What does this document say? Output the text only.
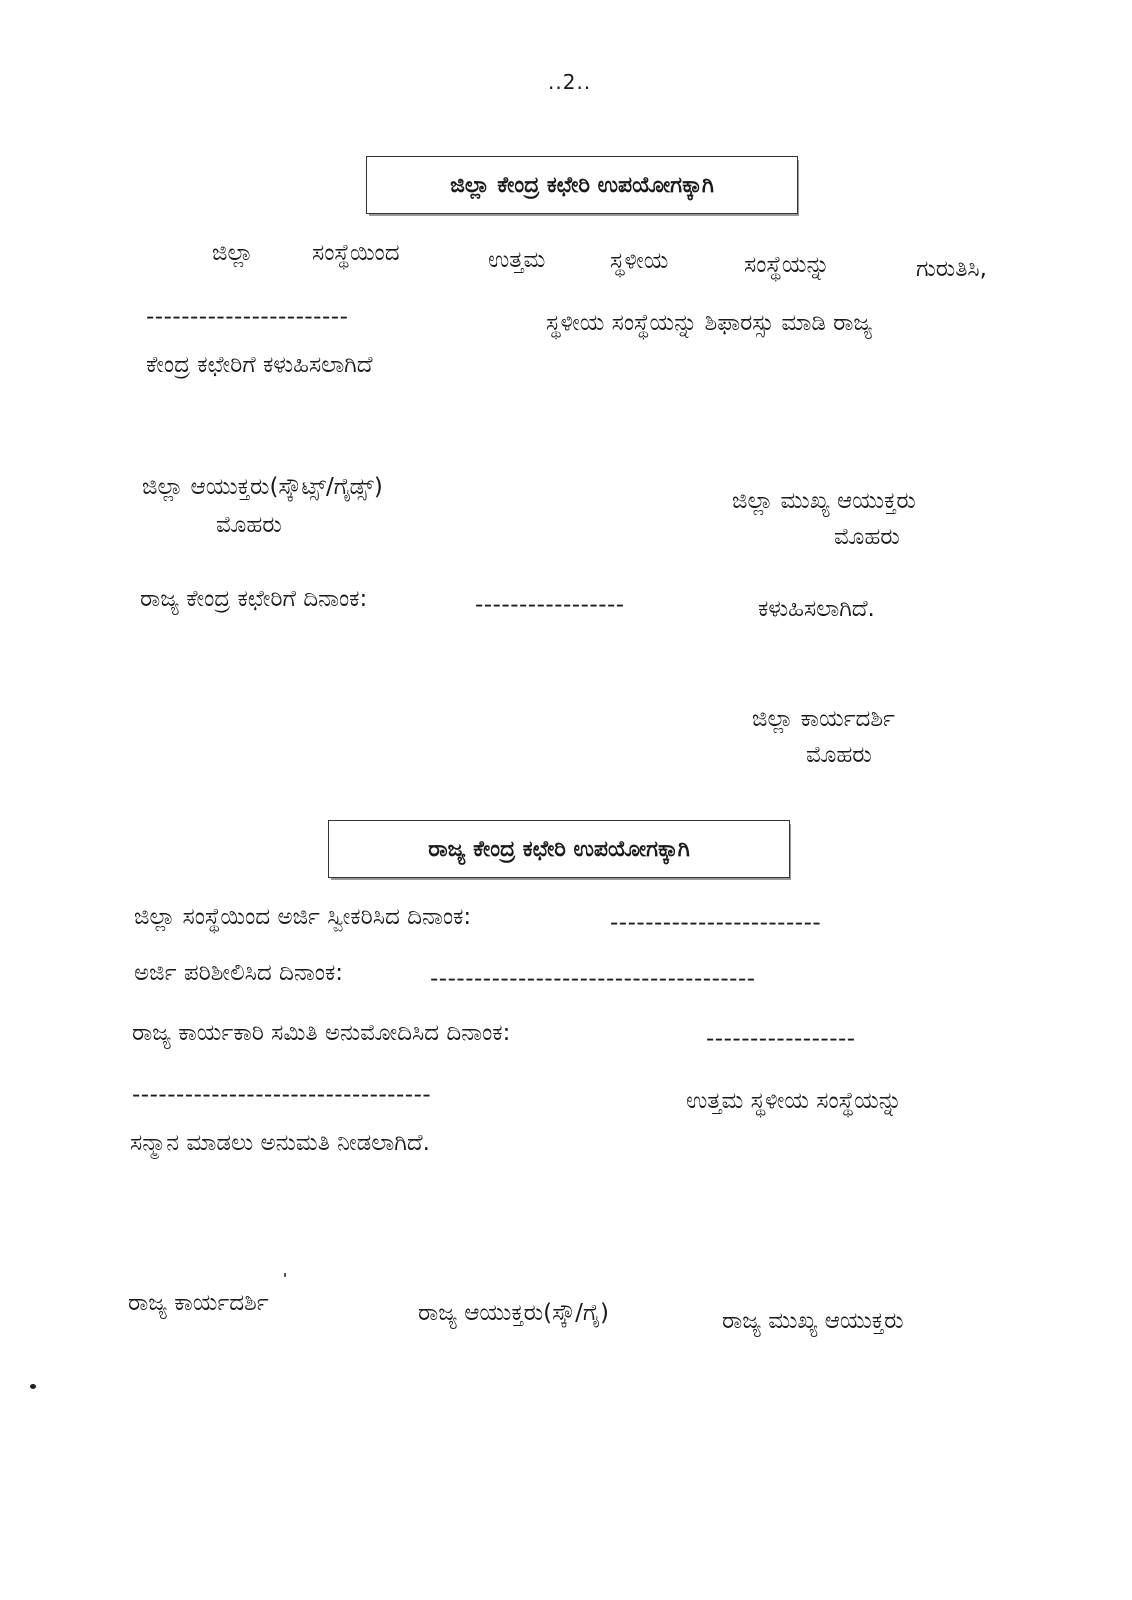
..2..
ಜಿಲ್ಲಾ ಕೇಂದ್ರ ಕಛೇರಿ ಉಪಯೋಗಕ್ಕಾಗಿ
ಜಿಲ್ಲಾ	ಸಂಸ್ಥೆಯಿಂದ	ಉತ್ತಮ	ಸ್ಥಳೀಯ	ಸಂಸ್ಥೆಯನ್ನು	ಗುರುತಿಸಿ,
-----------------------	ಸ್ಥಳೀಯ ಸಂಸ್ಥೆಯನ್ನು ಶಿಫಾರಸ್ಸು ಮಾಡಿ ರಾಜ್ಯ
ಕೇಂದ್ರ ಕಛೇರಿಗೆ ಕಳುಹಿಸಲಾಗಿದೆ
ಜಿಲ್ಲಾ ಆಯುಕ್ತರು(ಸ್ಕೌಟ್ಸ್/ಗೈಡ್ಸ್)
ಮೊಹರು
ಜಿಲ್ಲಾ ಮುಖ್ಯ ಆಯುಕ್ತರು
ಮೊಹರು
ರಾಜ್ಯ ಕೇಂದ್ರ ಕಛೇರಿಗೆ ದಿನಾಂಕ:	-----------------	ಕಳುಹಿಸಲಾಗಿದೆ.
ಜಿಲ್ಲಾ ಕಾರ್ಯದರ್ಶಿ
ಮೊಹರು
ರಾಜ್ಯ ಕೇಂದ್ರ ಕಛೇರಿ ಉಪಯೋಗಕ್ಕಾಗಿ
ಜಿಲ್ಲಾ ಸಂಸ್ಥೆಯಿಂದ ಅರ್ಜಿ ಸ್ವೀಕರಿಸಿದ ದಿನಾಂಕ:	------------------------
ಅರ್ಜಿ ಪರಿಶೀಲಿಸಿದ ದಿನಾಂಕ:	-------------------------------------
ರಾಜ್ಯ ಕಾರ್ಯಕಾರಿ ಸಮಿತಿ ಅನುಮೋದಿಸಿದ ದಿನಾಂಕ:	-----------------
----------------------------------	ಉತ್ತಮ ಸ್ಥಳೀಯ ಸಂಸ್ಥೆಯನ್ನು
ಸನ್ಮಾನ ಮಾಡಲು ಅನುಮತಿ ನೀಡಲಾಗಿದೆ.
ರಾಜ್ಯ ಕಾರ್ಯದರ್ಶಿ	ರಾಜ್ಯ ಆಯುಕ್ತರು(ಸ್ಕೌ/ಗೈ)	ರಾಜ್ಯ ಮುಖ್ಯ ಆಯುಕ್ತರು
